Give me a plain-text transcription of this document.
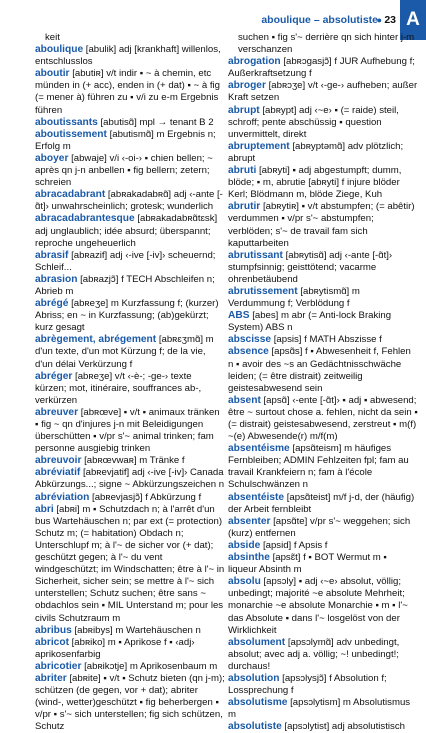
aboulique – absolutiste
● 23 A
keit
aboulique [abulik] adj [krankhaft] willenlos, entschlusslos
aboutir [abutiʀ] v/t indir ▪ ~ à chemin, etc münden in (+ acc), enden in (+ dat) ▪ ~ à fig (= mener à) führen zu ▪ v/i zu e-m Ergebnis führen
aboutissants [abutisɑ̃] mpl → tenant B 2
aboutissement [abutismɑ̃] m Ergebnis n; Erfolg m
aboyer [abwaje] v/i ‹-oi-› ▪ chien bellen; ~ après qn j-n anbellen ▪ fig bellern; zetern; schreien
abracadabrant [abʀakadabʀɑ̃] adj ‹-ante [-ɑ̃t]› unwahrscheinlich; grotesk; wunderlich
abracadabrantesque [abʀakadabʀɑ̃tɛsk] adj unglaublich; idée absurd; überspannt; reproche ungeheuerlich
abrasif [abʀazif] adj ‹-ive [-iv]› scheuernd; Schleif...
abrasion [abʀazjɔ̃] f TECH Abschleifen n; Abrieb m
abrégé [abʀeʒe] m Kurzfassung f; (kurzer) Abriss; en ~ in Kurzfassung; (ab)gekürzt; kurz gesagt
abrègement, abrégement [abʀɛʒmɑ̃] m d'un texte, d'un mot Kürzung f; de la vie, d'un délai Verkürzung f
abréger [abʀeʒe] v/t ‹-è-; -ge-› texte kürzen; mot, itinéraire, souffrances ab-, verkürzen
abreuver [abʀœve] ▪ v/t ▪ animaux tränken ▪ fig ~ qn d'injures j-n mit Beleidigungen überschütten ▪ v/pr s'~ animal trinken; fam personne ausgiebig trinken
abreuvoir [abʀœvwaʀ] m Tränke f
abréviatif [abʀevjatif] adj ‹-ive [-iv]› Canada Abkürzungs...; signe ~ Abkürzungszeichen n
abréviation [abʀevjasjɔ̃] f Abkürzung f
abri [abʀi] m ▪ Schutzdach n; à l'arrêt d'un bus Wartehäuschen n; par ext (= protection) Schutz m; (= habitation) Obdach n; Unterschlupf m; à l'~ de sicher vor (+ dat); geschützt gegen; à l'~ du vent windgeschützt; im Windschatten; être à l'~ in Sicherheit, sicher sein; se mettre à l'~ sich unterstellen; Schutz suchen; être sans ~ obdachlos sein ▪ MIL Unterstand m; pour les civils Schutzraum m
abribus [abʀibys] m Wartehäuschen n
abricot [abʀiko] m ▪ Aprikose f ▪ ‹adj› aprikosenfarbig
abricotier [abʀikɔtje] m Aprikosenbaum m
abriter [abʀite] ▪ v/t ▪ Schutz bieten (qn j-m); schützen (de gegen, vor + dat); abriter (wind-, wetter)geschützt ▪ fig beherbergen ▪ v/pr ▪ s'~ sich unterstellen; fig sich schützen, Schutz
suchen ▪ fig s'~ derrière qn sich hinter j-m verschanzen
abrogation [abʀɔɡasjɔ̃] f JUR Aufhebung f; Außerkraftsetzung f
abroger [abʀɔʒe] v/t ‹-ge-› aufheben; außer Kraft setzen
abrupt [abʀypt] adj ‹~e› ▪ (= raide) steil, schroff; pente abschüssig ▪ question unvermittelt, direkt
abruptement [abʀyptəmɑ̃] adv plötzlich; abrupt
abruti [abʀyti] ▪ adj abgestumpft; dumm, blöde; ▪ m, abrutie [abʀyti] f injure blöder Kerl; Blödmann m, blöde Ziege, Kuh
abrutir [abʀytiʀ] ▪ v/t abstumpfen; (= abêtir) verdummen ▪ v/pr s'~ abstumpfen; verblöden; s'~ de travail fam sich kaputtarbeiten
abrutissant [abʀytisɑ̃] adj ‹-ante [-ɑ̃t]› stumpfsinnig; geisttötend; vacarme ohrenbetäubend
abrutissement [abʀytismɑ̃] m Verdummung f; Verblödung f
ABS [abes] m abr (= Anti-lock Braking System) ABS n
abscisse [apsis] f MATH Abszisse f
absence [apsɑ̃s] f ▪ Abwesenheit f, Fehlen n ▪ avoir des ~s an Gedächtnisschwäche leiden; (= être distrait) zeitweilig geistesabwesend sein
absent [apsɑ̃] ‹-ente [-ɑ̃t]› ▪ adj ▪ abwesend; être ~ surtout chose a. fehlen, nicht da sein ▪ (= distrait) geistesabwesend, zerstreut ▪ m(f) ~(e) Abwesende(r) m/f(m)
absentéisme [apsɑ̃teism] m häufiges Fernbleiben; ADMIN Fehlzeiten fpl; fam au travail Krankfeiern n; fam à l'école Schulschwänzen n
absentéiste [apsɑ̃teist] m/f j-d, der (häufig) der Arbeit fernbleibt
absenter [apsɑ̃te] v/pr s'~ weggehen; sich (kurz) entfernen
abside [apsid] f Apsis f
absinthe [apsɛ̃t] f ▪ BOT Wermut m ▪ liqueur Absinth m
absolu [apsɔly] ▪ adj ‹~e› absolut, völlig; unbedingt; majorité ~e absolute Mehrheit; monarchie ~e absolute Monarchie ▪ m ▪ l'~ das Absolute ▪ dans l'~ losgelöst von der Wirklichkeit
absolument [apsɔlymɑ̃] adv unbedingt, absolut; avec adj a. völlig; ~! unbedingt!; durchaus!
absolution [apsɔlysjɔ̃] f Absolution f; Lossprechung f
absolutisme [apsɔlytism] m Absolutismus m
absolutiste [apsɔlytist] adj absolutistisch
